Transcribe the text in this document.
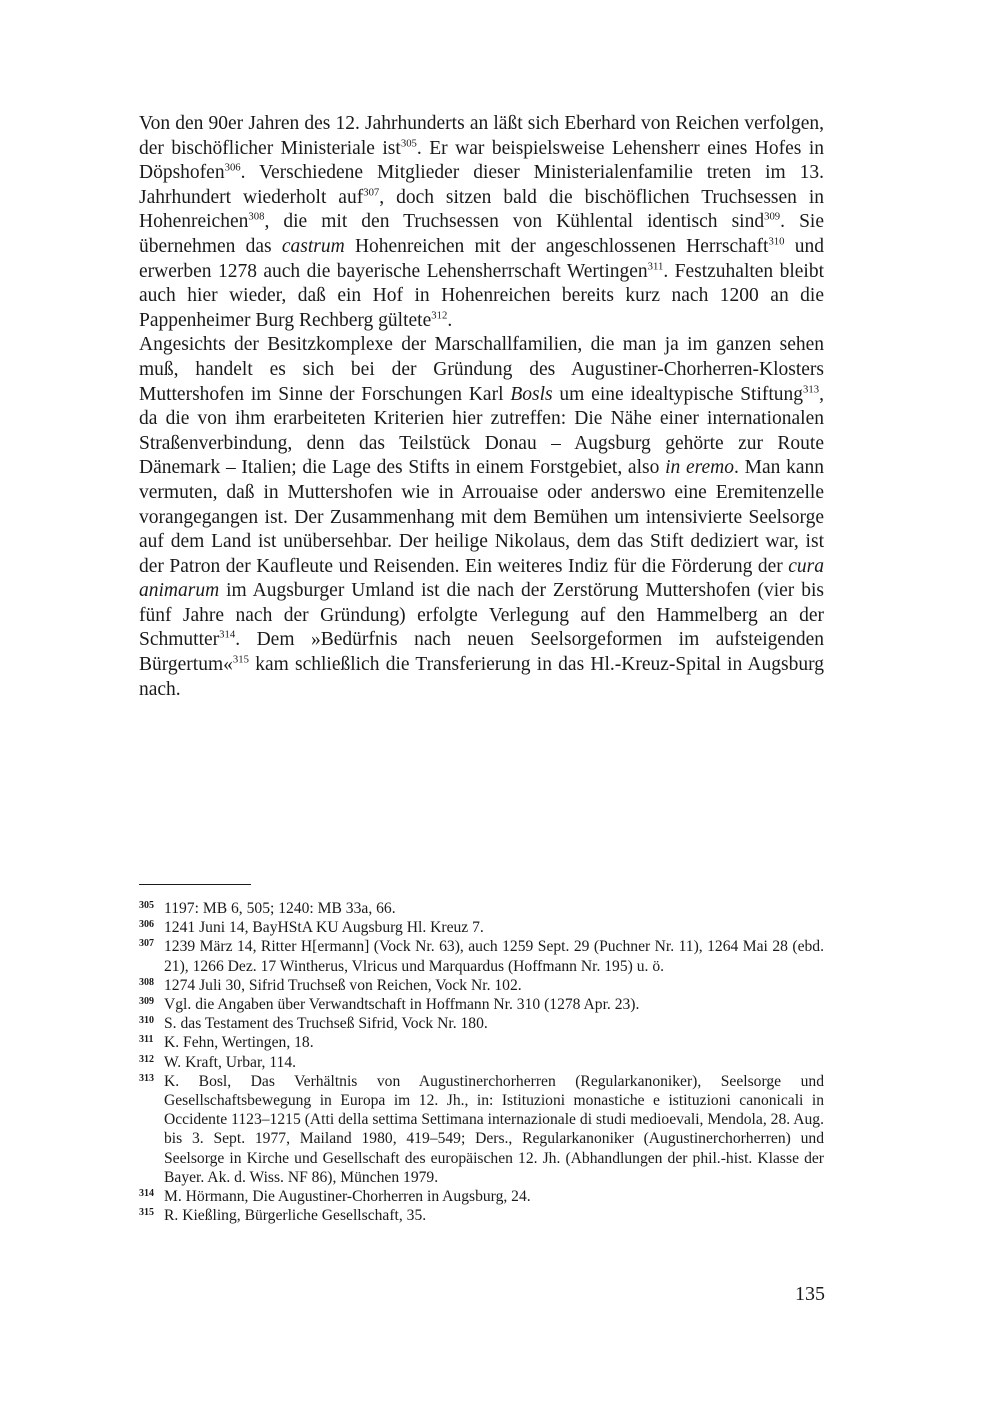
Von den 90er Jahren des 12. Jahrhunderts an läßt sich Eberhard von Reichen verfolgen, der bischöflicher Ministeriale ist$^{305}$. Er war beispielsweise Lehensherr eines Hofes in Döpshofen$^{306}$. Verschiedene Mitglieder dieser Ministerialenfamilie treten im 13. Jahrhundert wiederholt auf$^{307}$, doch sitzen bald die bischöflichen Truchsessen in Hohenreichen$^{308}$, die mit den Truchsessen von Kühlental identisch sind$^{309}$. Sie übernehmen das castrum Hohenreichen mit der angeschlossenen Herrschaft$^{310}$ und erwerben 1278 auch die bayerische Lehensherrschaft Wertingen$^{311}$. Festzuhalten bleibt auch hier wieder, daß ein Hof in Hohenreichen bereits kurz nach 1200 an die Pappenheimer Burg Rechberg gültete$^{312}$.

Angesichts der Besitzkomplexe der Marschallfamilien, die man ja im ganzen sehen muß, handelt es sich bei der Gründung des Augustiner-Chorherren-Klosters Muttershofen im Sinne der Forschungen Karl Bosls um eine idealtypische Stiftung$^{313}$, da die von ihm erarbeiteten Kriterien hier zutreffen: Die Nähe einer internationalen Straßenverbindung, denn das Teilstück Donau – Augsburg gehörte zur Route Dänemark – Italien; die Lage des Stifts in einem Forstgebiet, also in eremo. Man kann vermuten, daß in Muttershofen wie in Arrouaise oder anderswo eine Eremitenzelle vorangegangen ist. Der Zusammenhang mit dem Bemühen um intensivierte Seelsorge auf dem Land ist unübersehbar. Der heilige Nikolaus, dem das Stift dediziert war, ist der Patron der Kaufleute und Reisenden. Ein weiteres Indiz für die Förderung der cura animarum im Augsburger Umland ist die nach der Zerstörung Muttershofen (vier bis fünf Jahre nach der Gründung) erfolgte Verlegung auf den Hammelberg an der Schmutter$^{314}$. Dem »Bedürfnis nach neuen Seelsorgeformen im aufsteigenden Bürgertum«$^{315}$ kam schließlich die Transferierung in das Hl.-Kreuz-Spital in Augsburg nach.

305 1197: MB 6, 505; 1240: MB 33a, 66.
306 1241 Juni 14, BayHStA KU Augsburg Hl. Kreuz 7.
307 1239 März 14, Ritter H[ermann] (Vock Nr. 63), auch 1259 Sept. 29 (Puchner Nr. 11), 1264 Mai 28 (ebd. 21), 1266 Dez. 17 Wintherus, Vlricus und Marquardus (Hoffmann Nr. 195) u. ö.
308 1274 Juli 30, Sifrid Truchseß von Reichen, Vock Nr. 102.
309 Vgl. die Angaben über Verwandtschaft in Hoffmann Nr. 310 (1278 Apr. 23).
310 S. das Testament des Truchseß Sifrid, Vock Nr. 180.
311 K. Fehn, Wertingen, 18.
312 W. Kraft, Urbar, 114.
313 K. Bosl, Das Verhältnis von Augustinerchorherren (Regularkanoniker), Seelsorge und Gesellschaftsbewegung in Europa im 12. Jh., in: Istituzioni monastiche e istituzioni canonicali in Occidente 1123–1215 (Atti della settima Settimana internazionale di studi medioevali, Mendola, 28. Aug. bis 3. Sept. 1977, Mailand 1980, 419–549; Ders., Regularkanoniker (Augustinerchorherren) und Seelsorge in Kirche und Gesellschaft des europäischen 12. Jh. (Abhandlungen der phil.-hist. Klasse der Bayer. Ak. d. Wiss. NF 86), München 1979.
314 M. Hörmann, Die Augustiner-Chorherren in Augsburg, 24.
315 R. Kießling, Bürgerliche Gesellschaft, 35.
135
